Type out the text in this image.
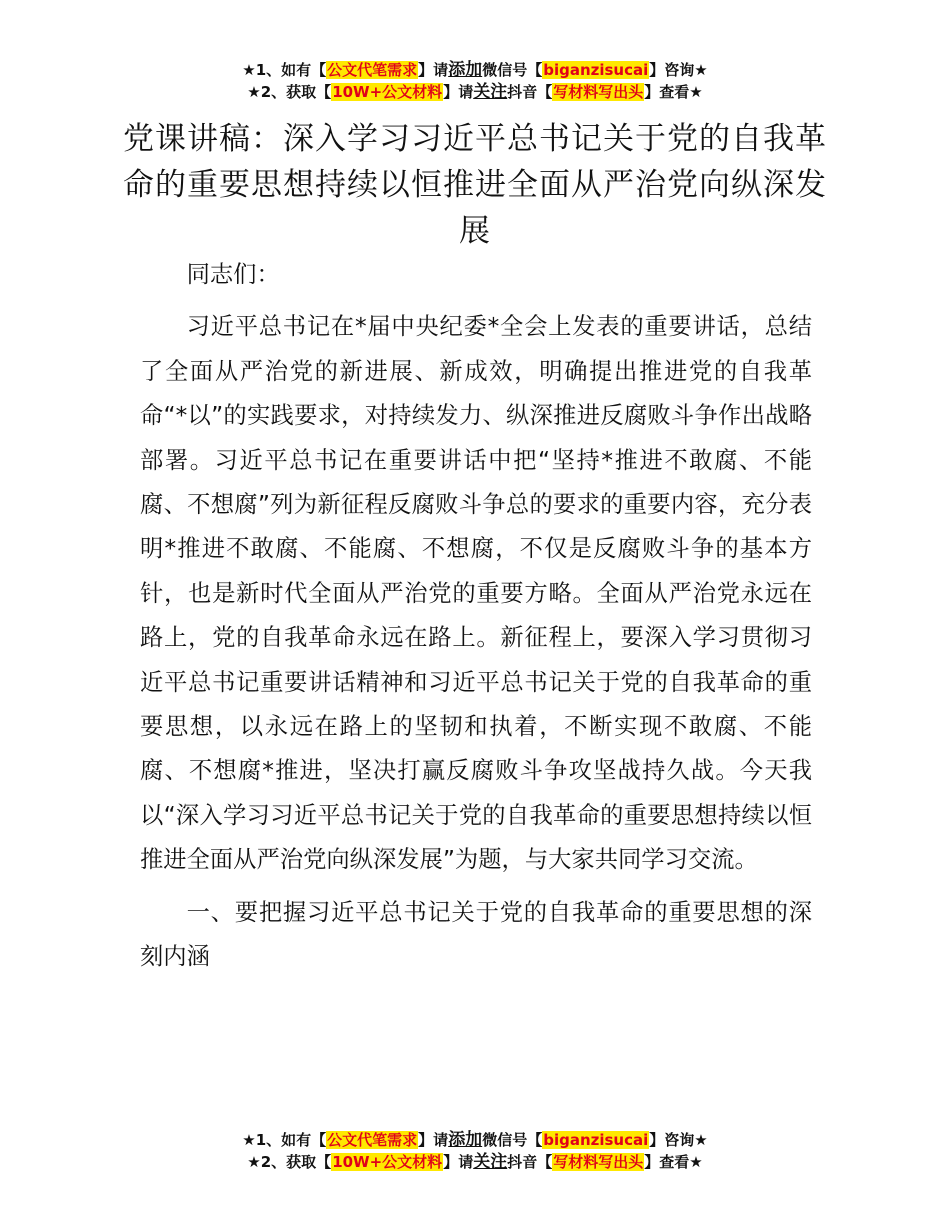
★1、如有【公文代笔需求】请添加微信号【biganzisucai】咨询★
★2、获取【10W+公文材料】请关注抖音【写材料写出头】查看★
党课讲稿：深入学习习近平总书记关于党的自我革命的重要思想持续以恒推进全面从严治党向纵深发展

同志们：

习近平总书记在*届中央纪委*全会上发表的重要讲话，总结了全面从严治党的新进展、新成效，明确提出推进党的自我革命“*以”的实践要求，对持续发力、纵深推进反腐败斗争作出战略部署。习近平总书记在重要讲话中把“坚持*推进不敢腐、不能腐、不想腐”列为新征程反腐败斗争总的要求的重要内容，充分表明*推进不敢腐、不能腐、不想腐，不仅是反腐败斗争的基本方针，也是新时代全面从严治党的重要方略。全面从严治党永远在路上，党的自我革命永远在路上。新征程上，要深入学习贯彻习近平总书记重要讲话精神和习近平总书记关于党的自我革命的重要思想，以永远在路上的坚韧和执着，不断实现不敢腐、不能腐、不想腐*推进，坚决打赢反腐败斗争攻坚战持久战。今天我以“深入学习习近平总书记关于党的自我革命的重要思想持续以恒推进全面从严治党向纵深发展”为题，与大家共同学习交流。

一、要把握习近平总书记关于党的自我革命的重要思想的深刻内涵

★1、如有【公文代笔需求】请添加微信号【biganzisucai】咨询★
★2、获取【10W+公文材料】请关注抖音【写材料写出头】查看★
